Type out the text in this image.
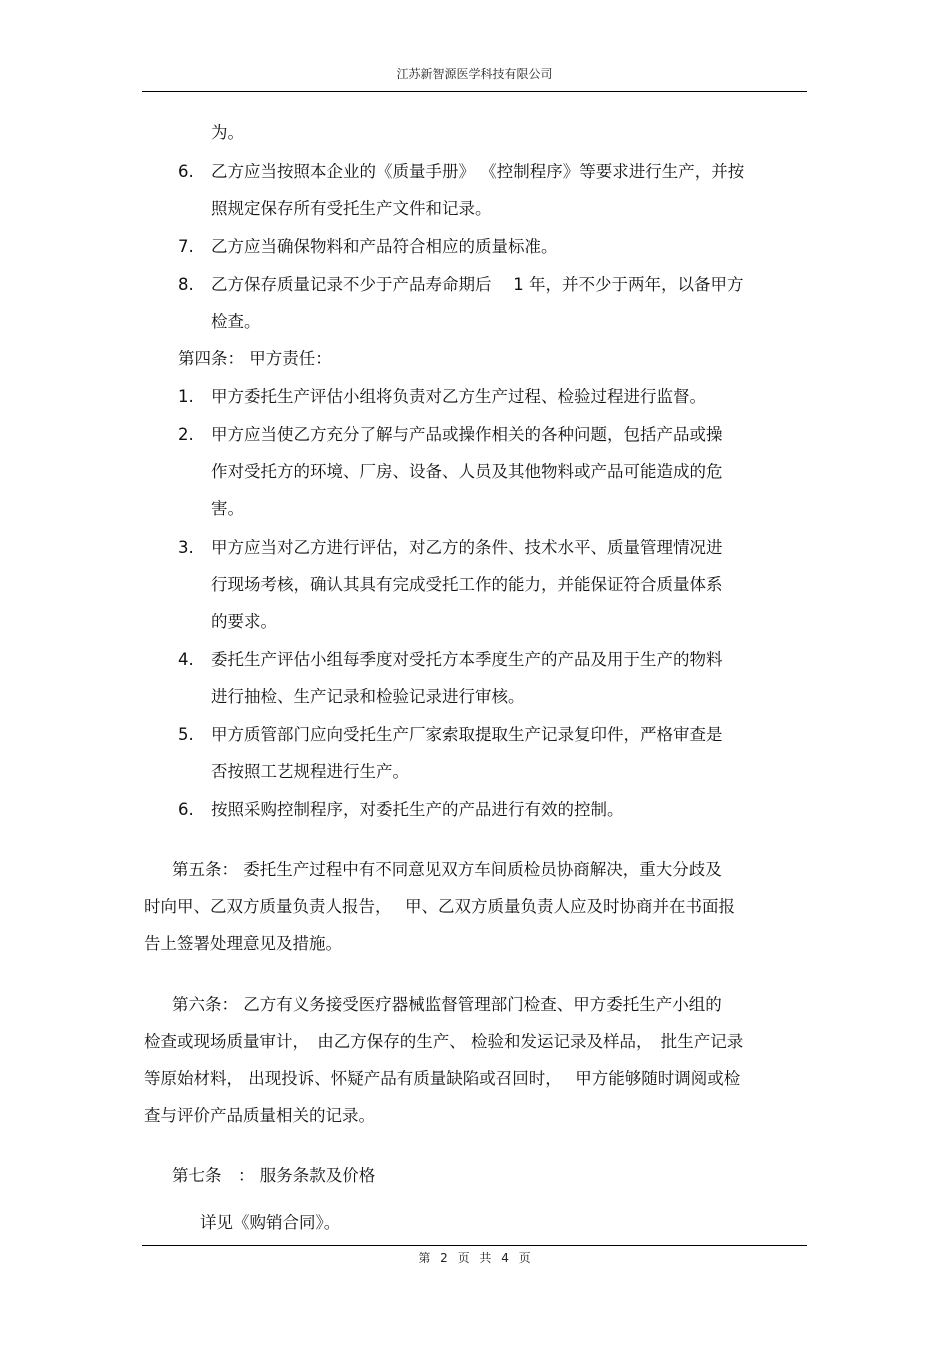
江苏新智源医学科技有限公司
为。
6. 乙方应当按照本企业的《质量手册》 《控制程序》等要求进行生产，并按
照规定保存所有受托生产文件和记录。
7. 乙方应当确保物料和产品符合相应的质量标准。
8. 乙方保存质量记录不少于产品寿命期后　 1 年，并不少于两年，以备甲方
检查。
第四条： 甲方责任：
1. 甲方委托生产评估小组将负责对乙方生产过程、检验过程进行监督。
2. 甲方应当使乙方充分了解与产品或操作相关的各种问题，包括产品或操
作对受托方的环境、厂房、设备、人员及其他物料或产品可能造成的危
害。
3. 甲方应当对乙方进行评估，对乙方的条件、技术水平、质量管理情况进
行现场考核，确认其具有完成受托工作的能力，并能保证符合质量体系
的要求。
4. 委托生产评估小组每季度对受托方本季度生产的产品及用于生产的物料
进行抽检、生产记录和检验记录进行审核。
5. 甲方质管部门应向受托生产厂家索取提取生产记录复印件，严格审查是
否按照工艺规程进行生产。
6. 按照采购控制程序，对委托生产的产品进行有效的控制。
第五条： 委托生产过程中有不同意见双方车间质检员协商解决，重大分歧及
时向甲、乙双方质量负责人报告，　 甲、乙双方质量负责人应及时协商并在书面报
告上签署处理意见及措施。
第六条： 乙方有义务接受医疗器械监督管理部门检查、甲方委托生产小组的
检查或现场质量审计，　由乙方保存的生产、 检验和发运记录及样品，　批生产记录
等原始材料， 出现投诉、怀疑产品有质量缺陷或召回时，　 甲方能够随时调阅或检
查与评价产品质量相关的记录。
第七条　： 服务条款及价格
详见《购销合同》。
第 2 页 共 4 页
